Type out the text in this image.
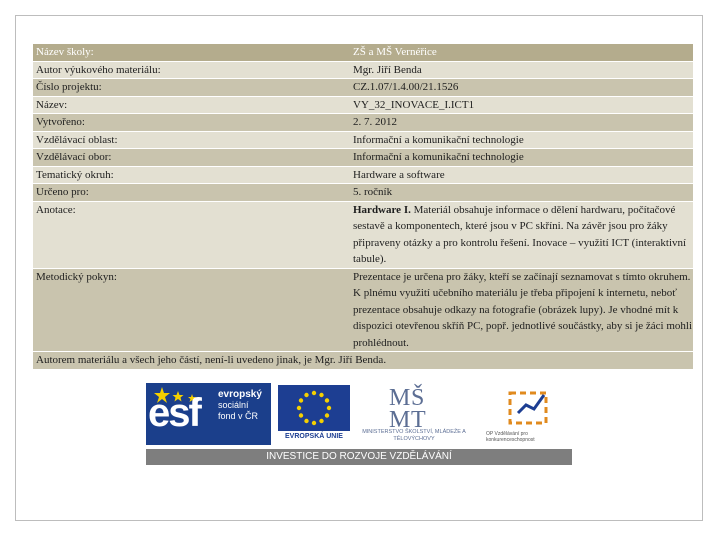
Název školy:	ZŠ a MŠ Vernéřice
Autor výukového materiálu:	Mgr. Jiří Benda
Číslo projektu:	CZ.1.07/1.4.00/21.1526
Název:	VY_32_INOVACE_I.ICT1
Vytvořeno:	2. 7. 2012
Vzdělávací oblast:	Informační a komunikační technologie
Vzdělávací obor:	Informační a komunikační technologie
Tematický okruh:	Hardware a software
Určeno pro:	5. ročník
Anotace:	Hardware I. Materiál obsahuje informace o dělení hardwaru, počítačové sestavě a komponentech, které jsou v PC skříni. Na závěr jsou pro žáky připraveny otázky a pro kontrolu řešení. Inovace – využití ICT (interaktivní tabule).
Metodický pokyn:	Prezentace je určena pro žáky, kteří se začínají seznamovat s tímto okruhem. K plnému využití učebního materiálu je třeba připojení k internetu, neboť prezentace obsahuje odkazy na fotografie (obrázek lupy). Je vhodné mít k dispozici otevřenou skříň PC, popř. jednotlivé součástky, aby si je žáci mohli prohlédnout.
Autorem materiálu a všech jeho částí, není-li uvedeno jinak, je Mgr. Jiří Benda.	
esf evropský
sociální
fond v ČR
EVROPSKÁ UNIE
M Š
M T
MINISTERSTVO ŠKOLSTVÍ, MLÁDEŽE A TĚLOVÝCHOVY
OP Vzdělávání pro konkurenceschopnost
INVESTICE DO ROZVOJE VZDĚLÁVÁNÍ
